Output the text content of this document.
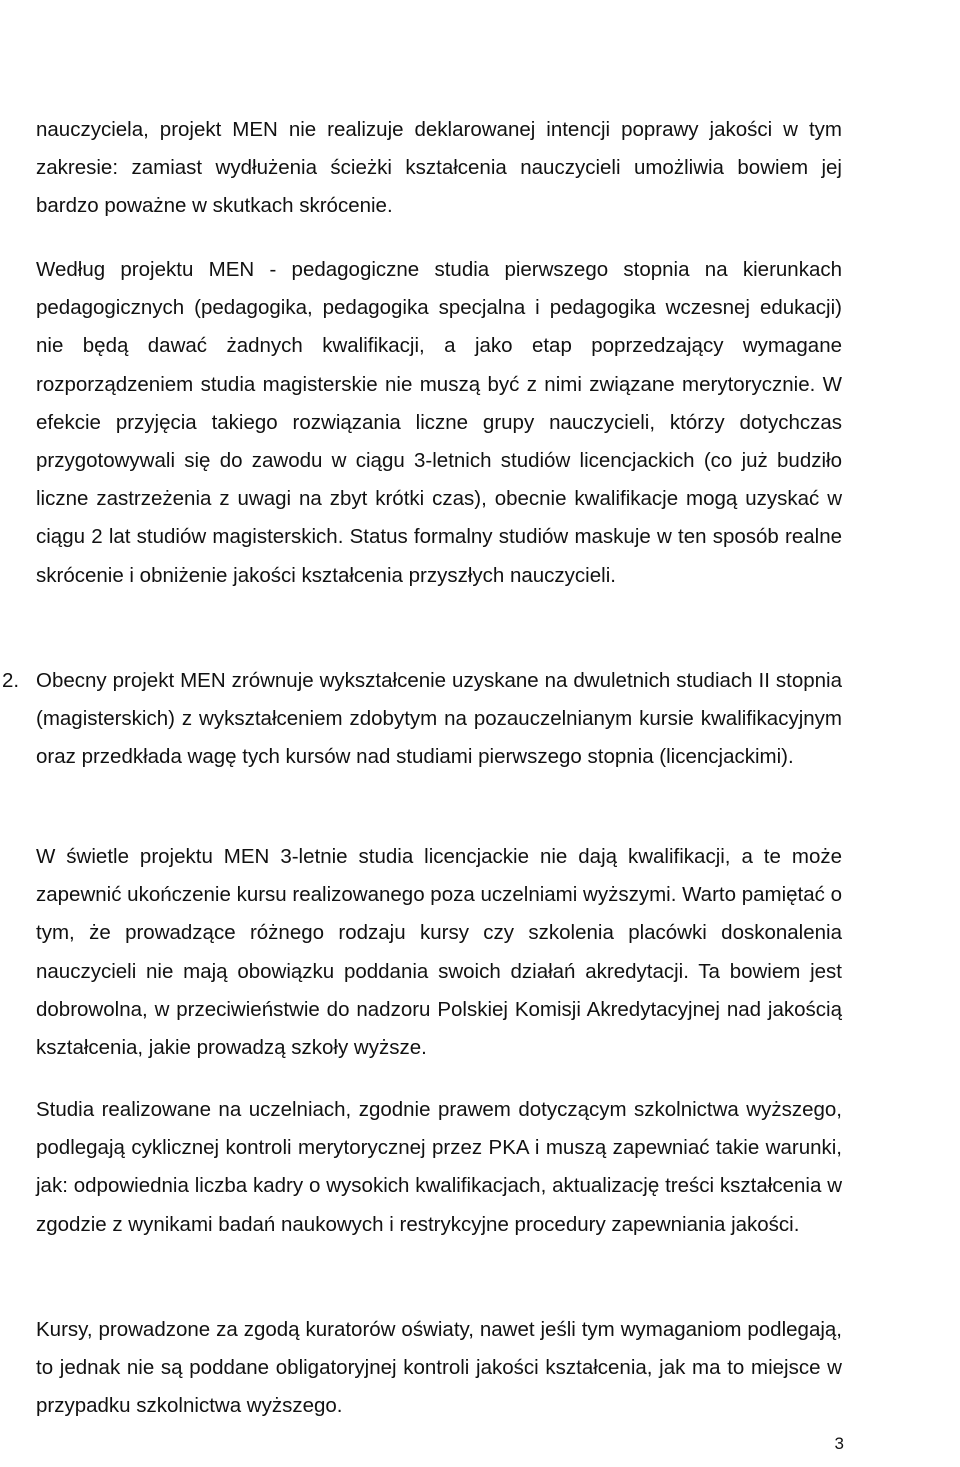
nauczyciela, projekt MEN nie realizuje deklarowanej intencji poprawy jakości w tym zakresie: zamiast wydłużenia ścieżki kształcenia nauczycieli umożliwia bowiem jej bardzo poważne w skutkach skrócenie.

Według projektu MEN - pedagogiczne studia pierwszego stopnia na kierunkach pedagogicznych (pedagogika, pedagogika specjalna i pedagogika wczesnej edukacji) nie będą dawać żadnych kwalifikacji, a jako etap poprzedzający wymagane rozporządzeniem studia magisterskie nie muszą być z nimi związane merytorycznie. W efekcie przyjęcia takiego rozwiązania liczne grupy nauczycieli, którzy dotychczas przygotowywali się do zawodu w ciągu 3-letnich studiów licencjackich (co już budziło liczne zastrzeżenia z uwagi na zbyt krótki czas), obecnie kwalifikacje mogą uzyskać w ciągu 2 lat studiów magisterskich. Status formalny studiów maskuje w ten sposób realne skrócenie i obniżenie jakości kształcenia przyszłych nauczycieli.

2. Obecny projekt MEN zrównuje wykształcenie uzyskane na dwuletnich studiach II stopnia (magisterskich) z wykształceniem zdobytym na pozauczelnianym kursie kwalifikacyjnym oraz przedkłada wagę tych kursów nad studiami pierwszego stopnia (licencjackimi).

W świetle projektu MEN 3-letnie studia licencjackie nie dają kwalifikacji, a te może zapewnić ukończenie kursu realizowanego poza uczelniami wyższymi. Warto pamiętać o tym, że prowadzące różnego rodzaju kursy czy szkolenia placówki doskonalenia nauczycieli nie mają obowiązku poddania swoich działań akredytacji. Ta bowiem jest dobrowolna, w przeciwieństwie do nadzoru Polskiej Komisji Akredytacyjnej nad jakością kształcenia, jakie prowadzą szkoły wyższe.

Studia realizowane na uczelniach, zgodnie prawem dotyczącym szkolnictwa wyższego, podlegają cyklicznej kontroli merytorycznej przez PKA i muszą zapewniać takie warunki, jak: odpowiednia liczba kadry o wysokich kwalifikacjach, aktualizację treści kształcenia w zgodzie z wynikami badań naukowych i restrykcyjne procedury zapewniania jakości.

Kursy, prowadzone za zgodą kuratorów oświaty, nawet jeśli tym wymaganiom podlegają, to jednak nie są poddane obligatoryjnej kontroli jakości kształcenia, jak ma to miejsce w przypadku szkolnictwa wyższego.

3
